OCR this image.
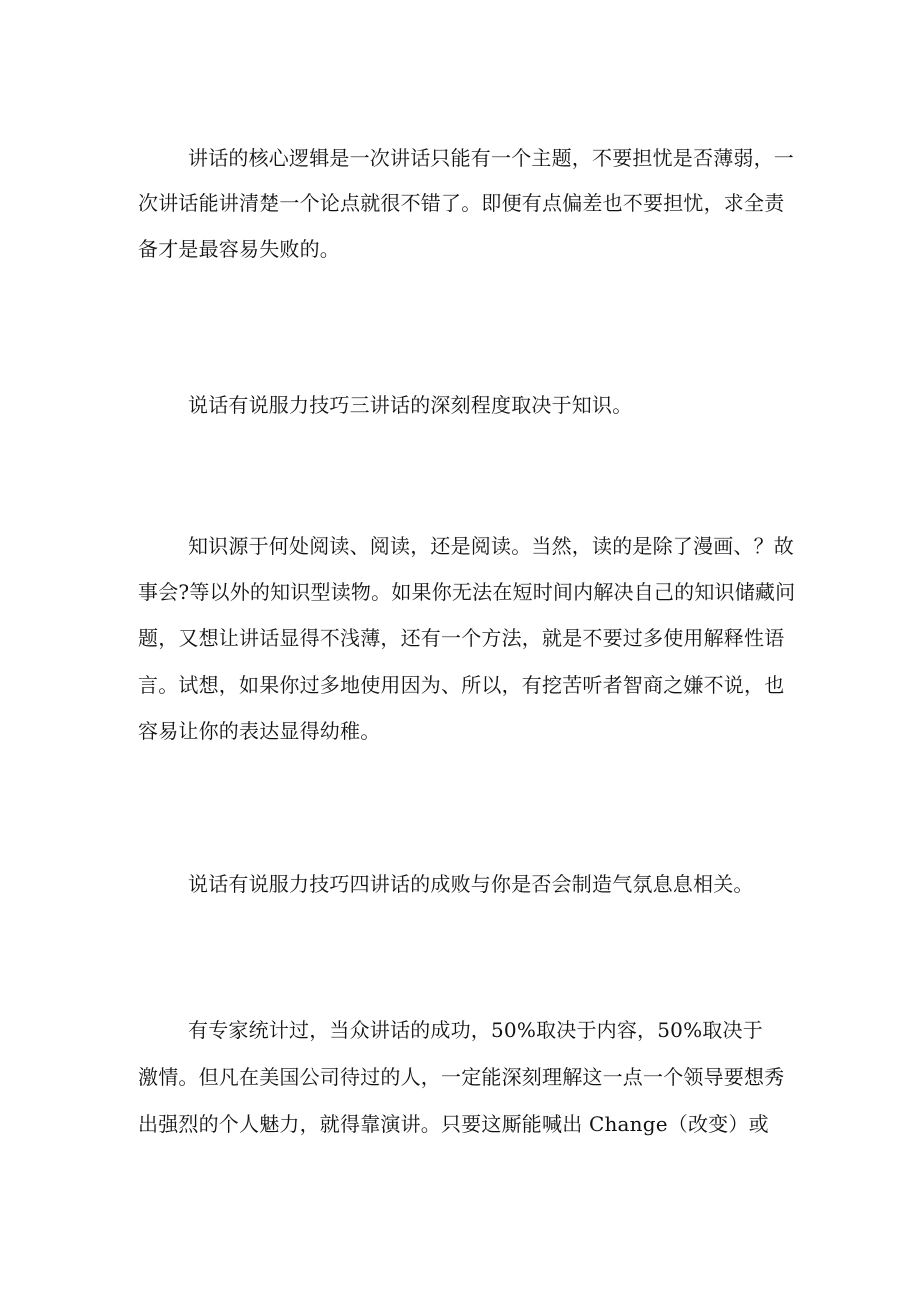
讲话的核心逻辑是一次讲话只能有一个主题，不要担忧是否薄弱，一
次讲话能讲清楚一个论点就很不错了。即便有点偏差也不要担忧，求全责
备才是最容易失败的。
说话有说服力技巧三讲话的深刻程度取决于知识。
知识源于何处阅读、阅读，还是阅读。当然，读的是除了漫画、？故
事会?等以外的知识型读物。如果你无法在短时间内解决自己的知识储藏问
题，又想让讲话显得不浅薄，还有一个方法，就是不要过多使用解释性语
言。试想，如果你过多地使用因为、所以，有挖苦听者智商之嫌不说，也
容易让你的表达显得幼稚。
说话有说服力技巧四讲话的成败与你是否会制造气氛息息相关。
有专家统计过，当众讲话的成功，50%取决于内容，50%取决于
激情。但凡在美国公司待过的人，一定能深刻理解这一点一个领导要想秀
出强烈的个人魅力，就得靠演讲。只要这厮能喊出 Change（改变）或
